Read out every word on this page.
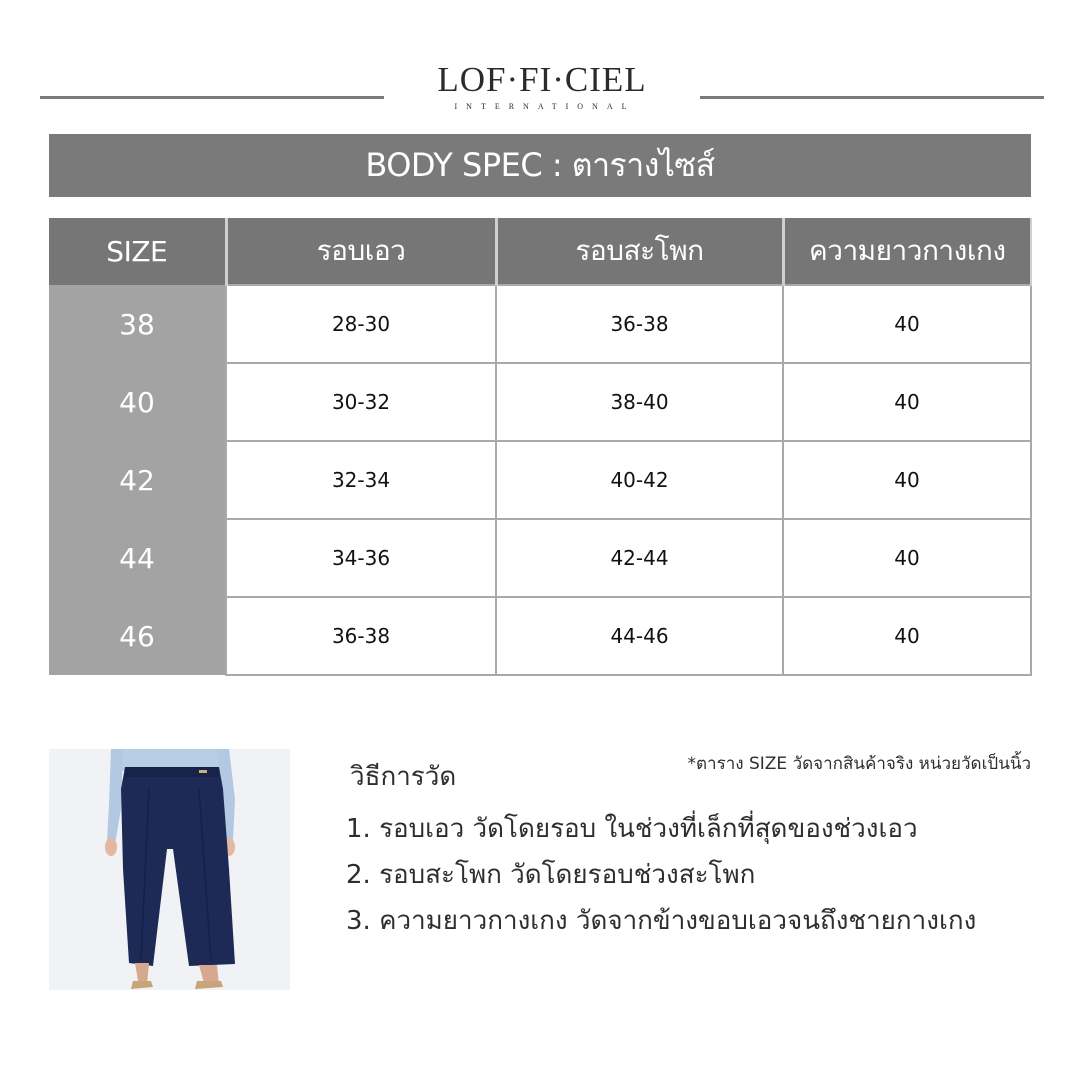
LOF·FI·CIEL
INTERNATIONAL
BODY SPEC : ตารางไซส์
SIZE	รอบเอว	รอบสะโพก	ความยาวกางเกง
38	28-30	36-38	40
40	30-32	38-40	40
42	32-34	40-42	40
44	34-36	42-44	40
46	36-38	44-46	40
วิธีการวัด	*ตาราง SIZE วัดจากสินค้าจริง หน่วยวัดเป็นนิ้ว
1. รอบเอว วัดโดยรอบ ในช่วงที่เล็กที่สุดของช่วงเอว
2. รอบสะโพก วัดโดยรอบช่วงสะโพก
3. ความยาวกางเกง วัดจากข้างขอบเอวจนถึงชายกางเกง
